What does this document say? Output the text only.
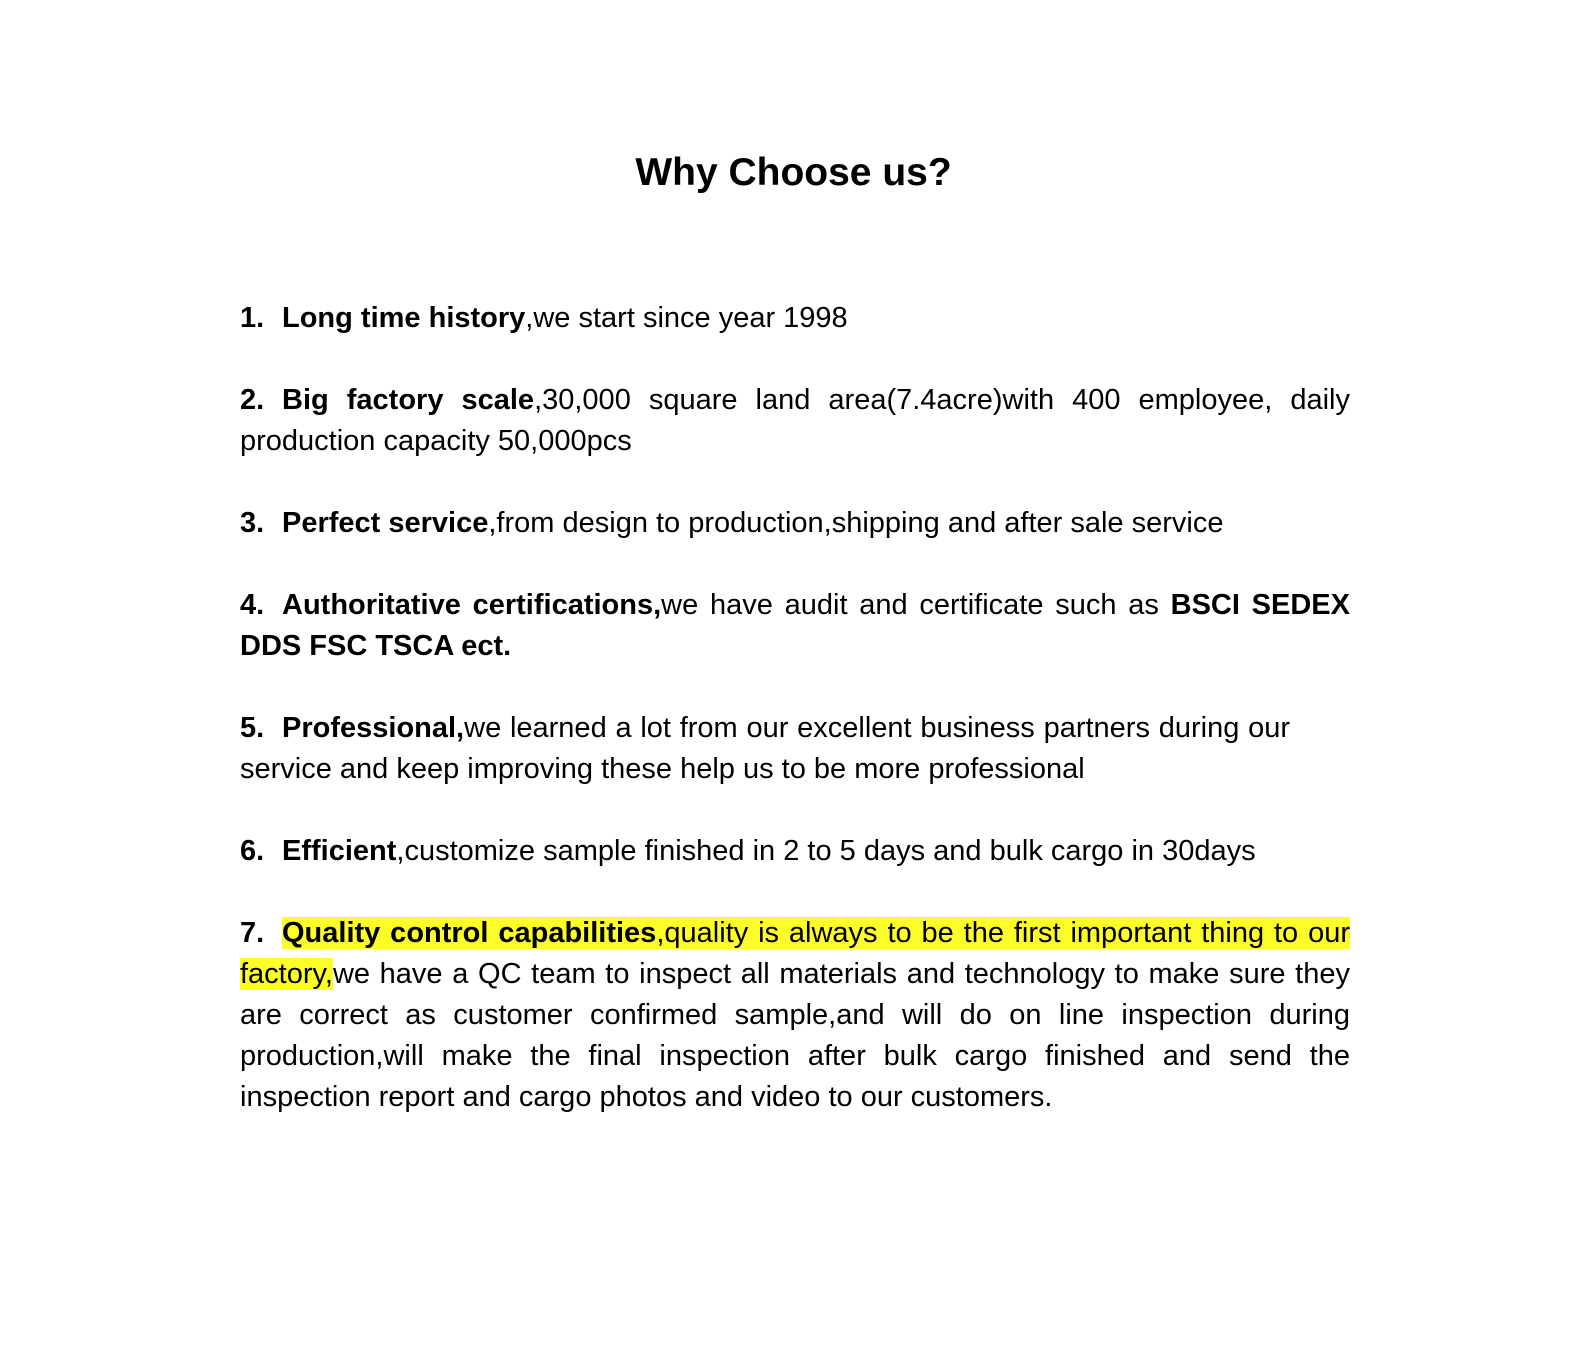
Why Choose us?

1. Long time history,we start since year 1998

2. Big factory scale,30,000 square land area(7.4acre)with 400 employee, daily production capacity 50,000pcs

3. Perfect service,from design to production,shipping and after sale service

4. Authoritative certifications,we have audit and certificate such as BSCI SEDEX DDS FSC TSCA ect.

5. Professional,we learned a lot from our excellent business partners during our service and keep improving these help us to be more professional

6. Efficient,customize sample finished in 2 to 5 days and bulk cargo in 30days

7. Quality control capabilities,quality is always to be the first important thing to our factory,we have a QC team to inspect all materials and technology to make sure they are correct as customer confirmed sample,and will do on line inspection during production,will make the final inspection after bulk cargo finished and send the inspection report and cargo photos and video to our customers.
